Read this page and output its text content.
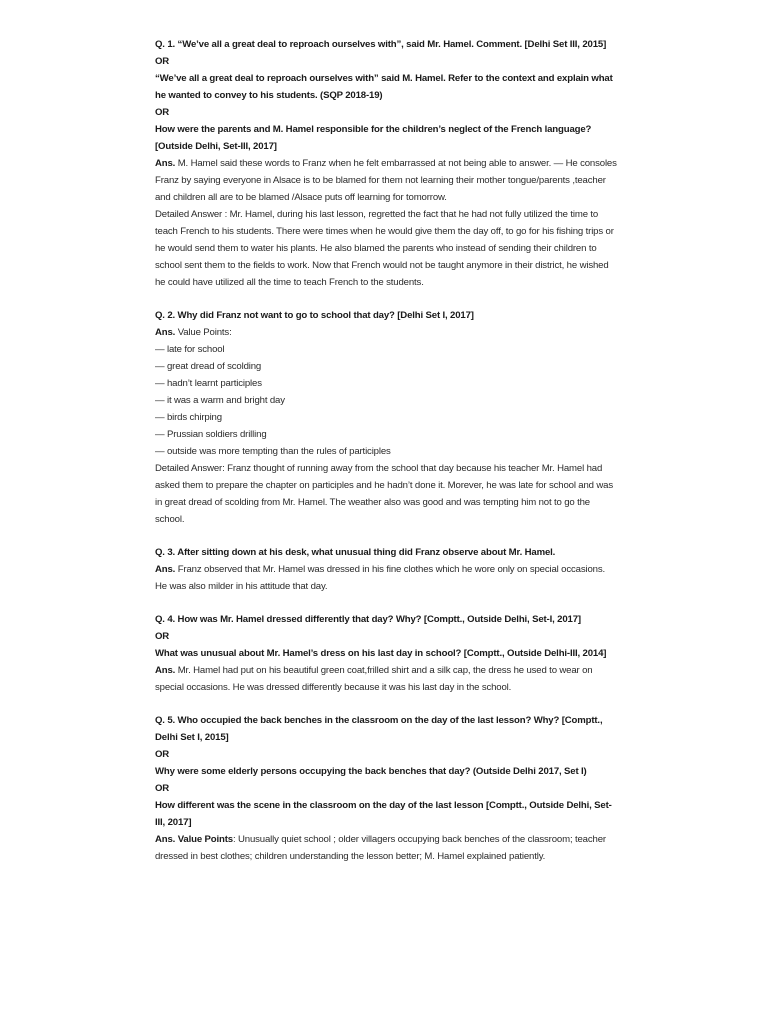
Q. 1. “We’ve all a great deal to reproach ourselves with”, said Mr. Hamel. Comment. [Delhi Set III, 2015]
OR
“We’ve all a great deal to reproach ourselves with” said M. Hamel. Refer to the context and explain what he wanted to convey to his students. (SQP 2018-19)
OR
How were the parents and M. Hamel responsible for the children’s neglect of the French language? [Outside Delhi, Set-III, 2017]
Ans. M. Hamel said these words to Franz when he felt embarrassed at not being able to answer. — He consoles Franz by saying everyone in Alsace is to be blamed for them not learning their mother tongue/parents ,teacher and children all are to be blamed /Alsace puts off learning for tomorrow.
Detailed Answer : Mr. Hamel, during his last lesson, regretted the fact that he had not fully utilized the time to teach French to his students. There were times when he would give them the day off, to go for his fishing trips or he would send them to water his plants. He also blamed the parents who instead of sending their children to school sent them to the fields to work. Now that French would not be taught anymore in their district, he wished he could have utilized all the time to teach French to the students.
Q. 2. Why did Franz not want to go to school that day? [Delhi Set I, 2017]
Ans. Value Points:
— late for school
— great dread of scolding
— hadn’t learnt participles
— it was a warm and bright day
— birds chirping
— Prussian soldiers drilling
— outside was more tempting than the rules of participles
Detailed Answer: Franz thought of running away from the school that day because his teacher Mr. Hamel had asked them to prepare the chapter on participles and he hadn’t done it. Morever, he was late for school and was in great dread of scolding from Mr. Hamel. The weather also was good and was tempting him not to go the school.
Q. 3. After sitting down at his desk, what unusual thing did Franz observe about Mr. Hamel.
Ans. Franz observed that Mr. Hamel was dressed in his fine clothes which he wore only on special occasions. He was also milder in his attitude that day.
Q. 4. How was Mr. Hamel dressed differently that day? Why? [Comptt., Outside Delhi, Set-I, 2017]
OR
What was unusual about Mr. Hamel’s dress on his last day in school? [Comptt., Outside Delhi-III, 2014]
Ans. Mr. Hamel had put on his beautiful green coat,frilled shirt and a silk cap, the dress he used to wear on special occasions. He was dressed differently because it was his last day in the school.
Q. 5. Who occupied the back benches in the classroom on the day of the last lesson? Why? [Comptt., Delhi Set I, 2015]
OR
Why were some elderly persons occupying the back benches that day? (Outside Delhi 2017, Set I)
OR
How different was the scene in the classroom on the day of the last lesson [Comptt., Outside Delhi, Set-III, 2017]
Ans. Value Points: Unusually quiet school ; older villagers occupying back benches of the classroom; teacher dressed in best clothes; children understanding the lesson better; M. Hamel explained patiently.
